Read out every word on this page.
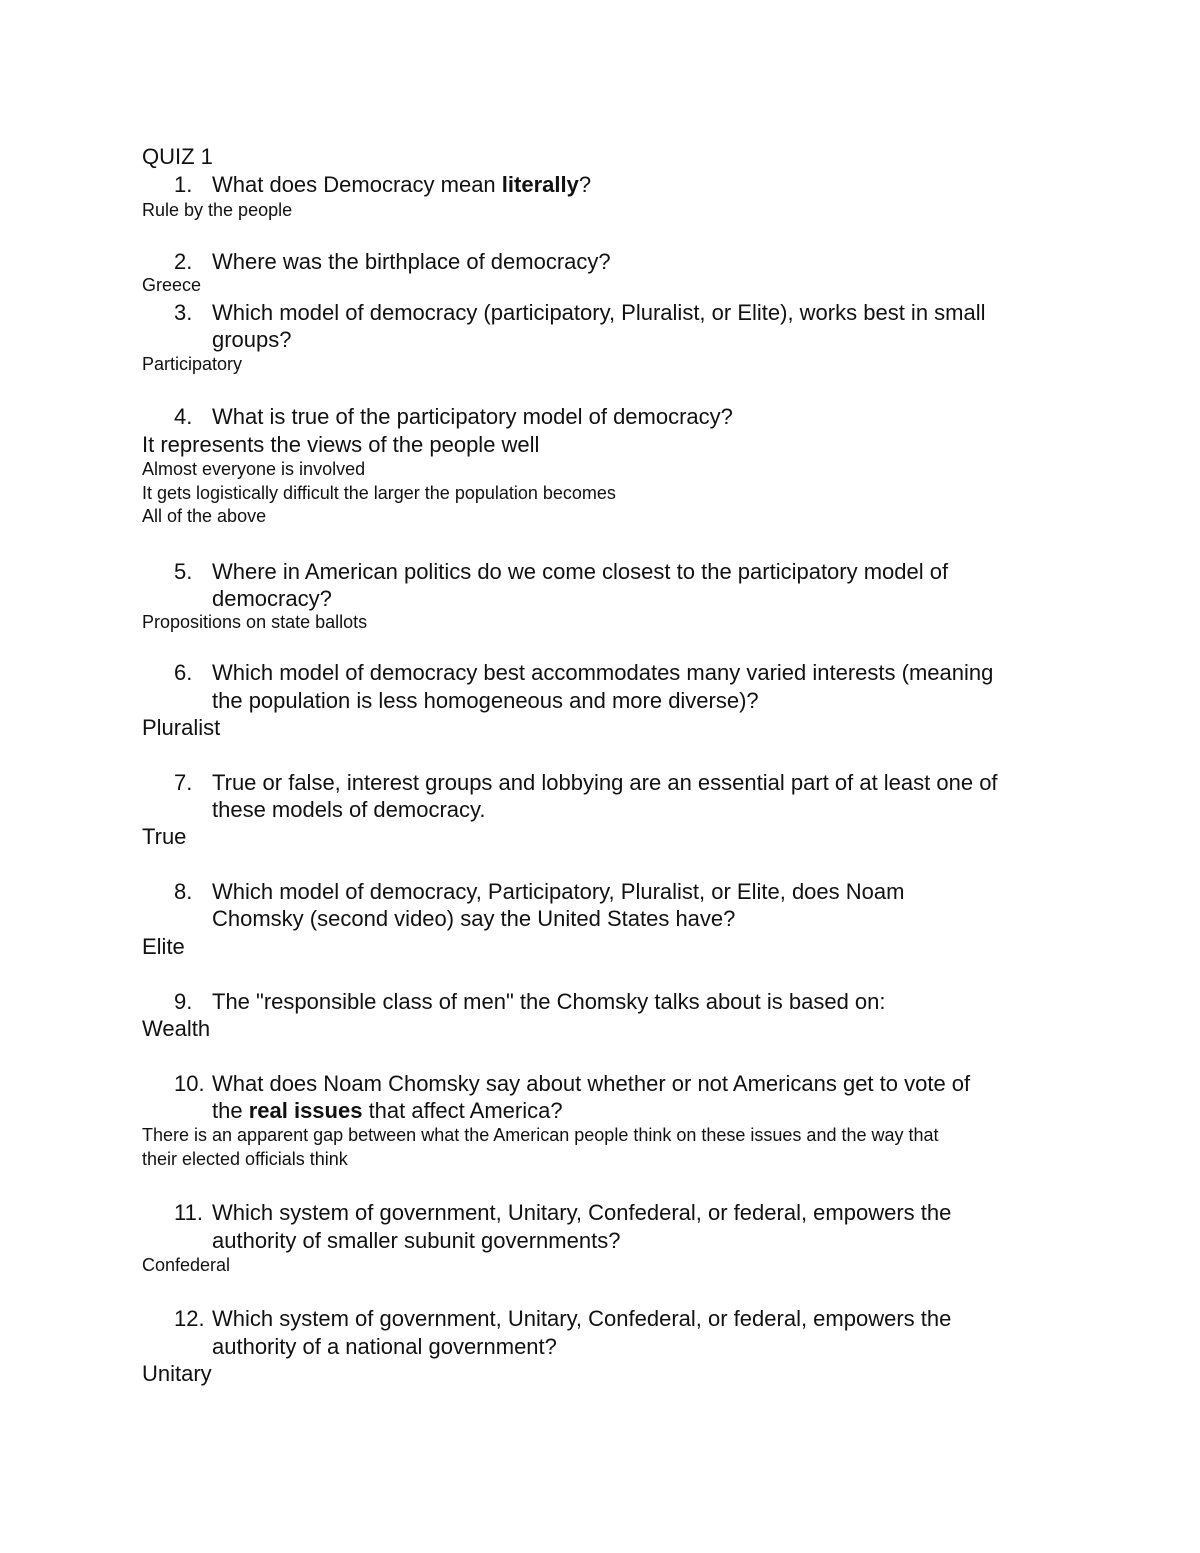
QUIZ 1
1. What does Democracy mean literally?
Rule by the people
2. Where was the birthplace of democracy?
Greece
3. Which model of democracy (participatory, Pluralist, or Elite), works best in small
groups?
Participatory
4. What is true of the participatory model of democracy?
It represents the views of the people well
Almost everyone is involved
It gets logistically difficult the larger the population becomes
All of the above
5. Where in American politics do we come closest to the participatory model of
democracy?
Propositions on state ballots
6. Which model of democracy best accommodates many varied interests (meaning
the population is less homogeneous and more diverse)?
Pluralist
7. True or false, interest groups and lobbying are an essential part of at least one of
these models of democracy.
True
8. Which model of democracy, Participatory, Pluralist, or Elite, does Noam
Chomsky (second video) say the United States have?
Elite
9. The "responsible class of men" the Chomsky talks about is based on:
Wealth
10. What does Noam Chomsky say about whether or not Americans get to vote of
the real issues that affect America?
There is an apparent gap between what the American people think on these issues and the way that
their elected officials think
11. Which system of government, Unitary, Confederal, or federal, empowers the
authority of smaller subunit governments?
Confederal
12. Which system of government, Unitary, Confederal, or federal, empowers the
authority of a national government?
Unitary
